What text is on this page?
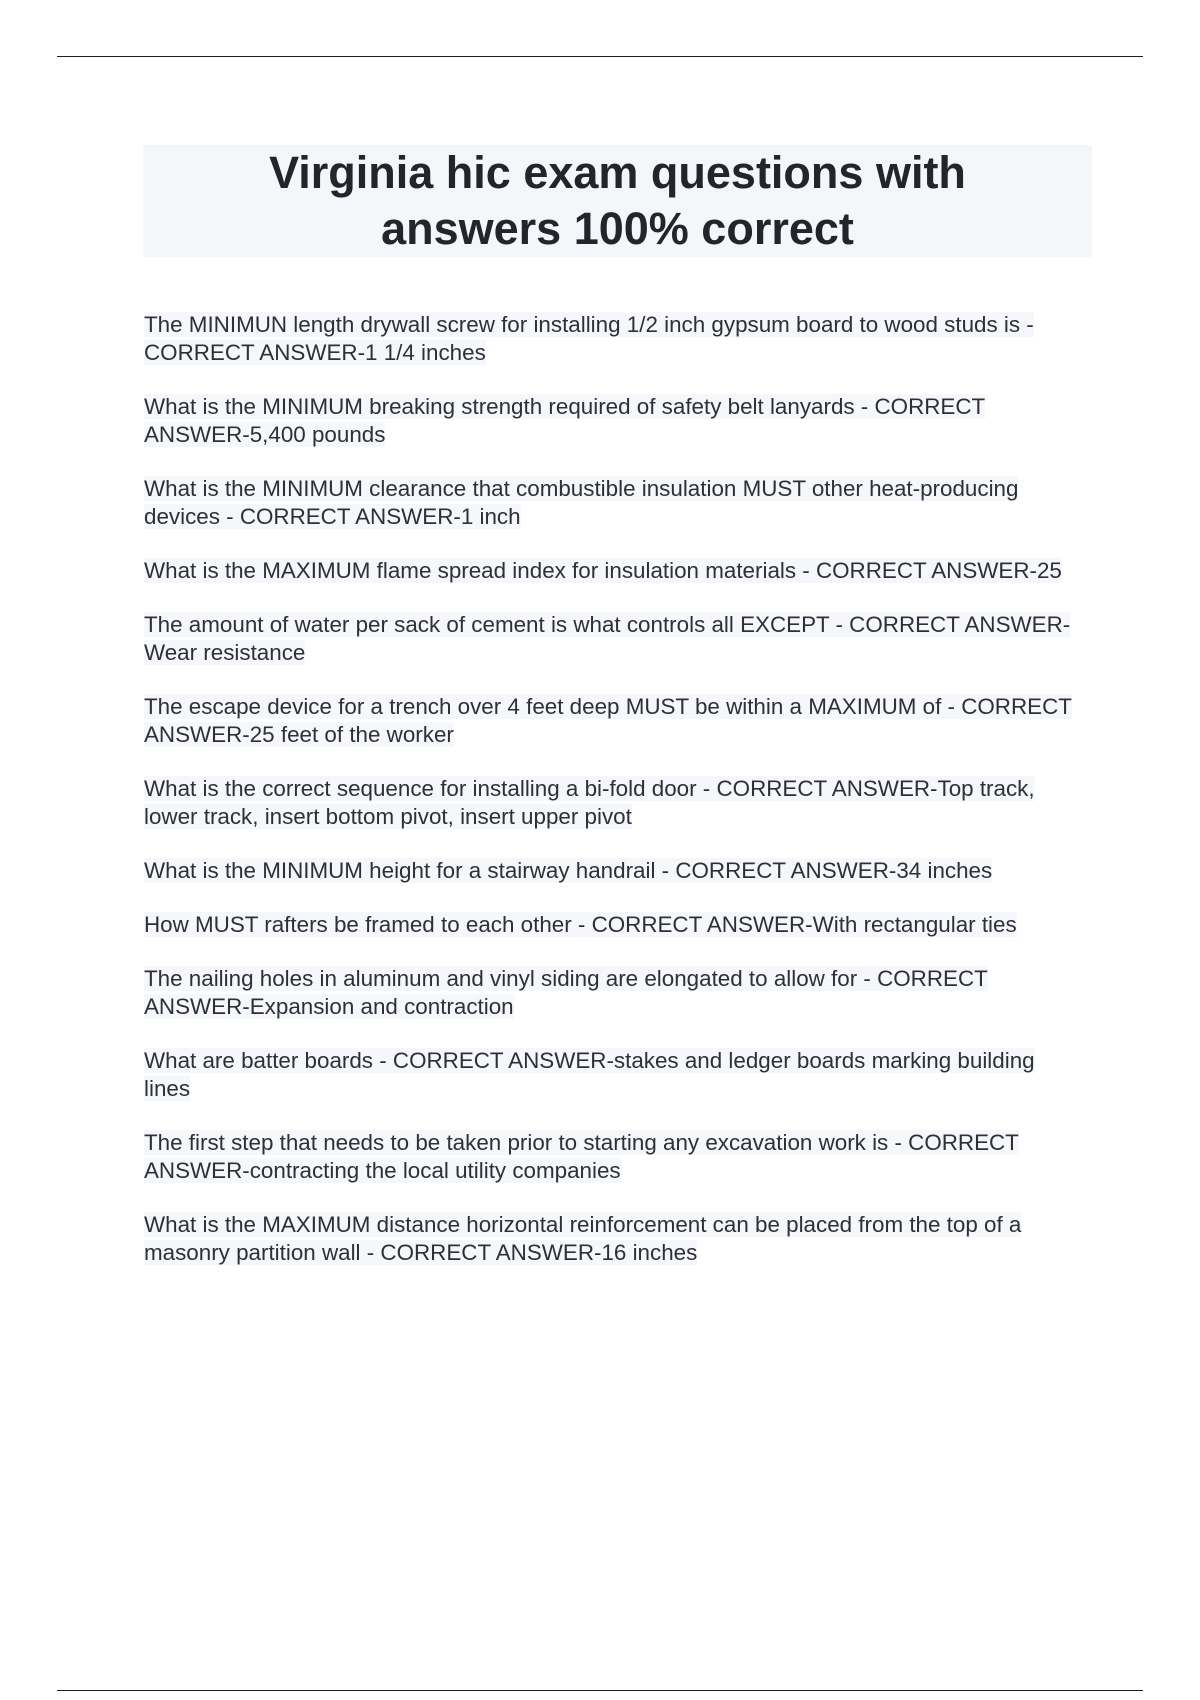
Virginia hic exam questions with answers 100% correct
The MINIMUN length drywall screw for installing 1/2 inch gypsum board to wood studs is - CORRECT ANSWER-1 1/4 inches
What is the MINIMUM breaking strength required of safety belt lanyards - CORRECT ANSWER-5,400 pounds
What is the MINIMUM clearance that combustible insulation MUST other heat-producing devices - CORRECT ANSWER-1 inch
What is the MAXIMUM flame spread index for insulation materials - CORRECT ANSWER-25
The amount of water per sack of cement is what controls all EXCEPT - CORRECT ANSWER-Wear resistance
The escape device for a trench over 4 feet deep MUST be within a MAXIMUM of - CORRECT ANSWER-25 feet of the worker
What is the correct sequence for installing a bi-fold door - CORRECT ANSWER-Top track, lower track, insert bottom pivot, insert upper pivot
What is the MINIMUM height for a stairway handrail - CORRECT ANSWER-34 inches
How MUST rafters be framed to each other - CORRECT ANSWER-With rectangular ties
The nailing holes in aluminum and vinyl siding are elongated to allow for - CORRECT ANSWER-Expansion and contraction
What are batter boards - CORRECT ANSWER-stakes and ledger boards marking building lines
The first step that needs to be taken prior to starting any excavation work is - CORRECT ANSWER-contracting the local utility companies
What is the MAXIMUM distance horizontal reinforcement can be placed from the top of a masonry partition wall - CORRECT ANSWER-16 inches
